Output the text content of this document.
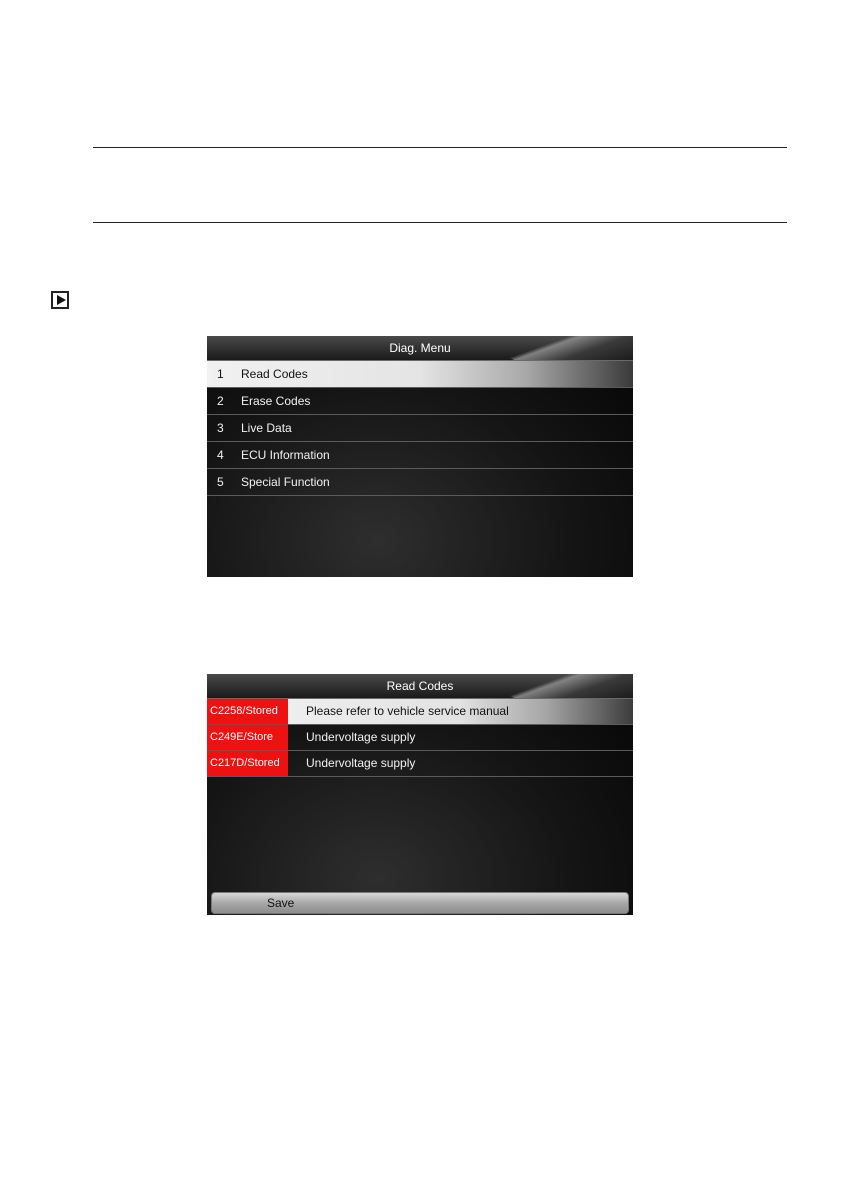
Diag. Menu
1 Read Codes
2 Erase Codes
3 Live Data
4 ECU Information
5 Special Function
Read Codes
C2258/Stored	Please refer to vehicle service manual
C249E/Store	Undervoltage supply
C217D/Stored	Undervoltage supply
Save
